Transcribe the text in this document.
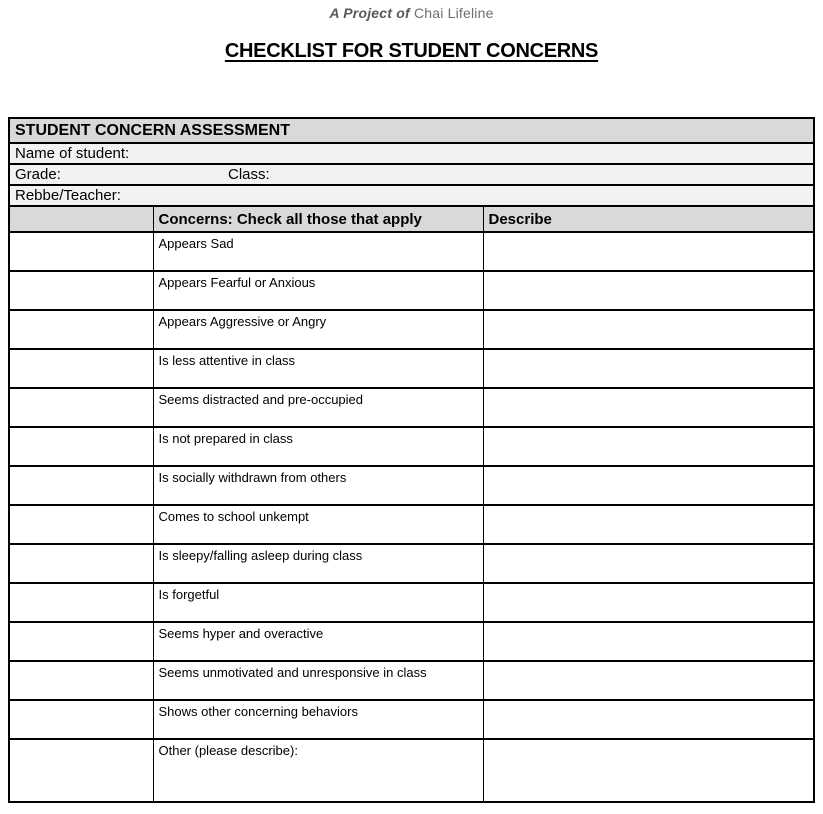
A Project of Chai Lifeline
CHECKLIST FOR STUDENT CONCERNS
STUDENT CONCERN ASSESSMENT		
Name of student:		
Grade: Class:		
Rebbe/Teacher:		
	Concerns: Check all those that apply	Describe
	Appears Sad	
	Appears Fearful or Anxious	
	Appears Aggressive or Angry	
	Is less attentive in class	
	Seems distracted and pre-occupied	
	Is not prepared in class	
	Is socially withdrawn from others	
	Comes to school unkempt	
	Is sleepy/falling asleep during class	
	Is forgetful	
	Seems hyper and overactive	
	Seems unmotivated and unresponsive in class	
	Shows other concerning behaviors	
	Other (please describe):	
